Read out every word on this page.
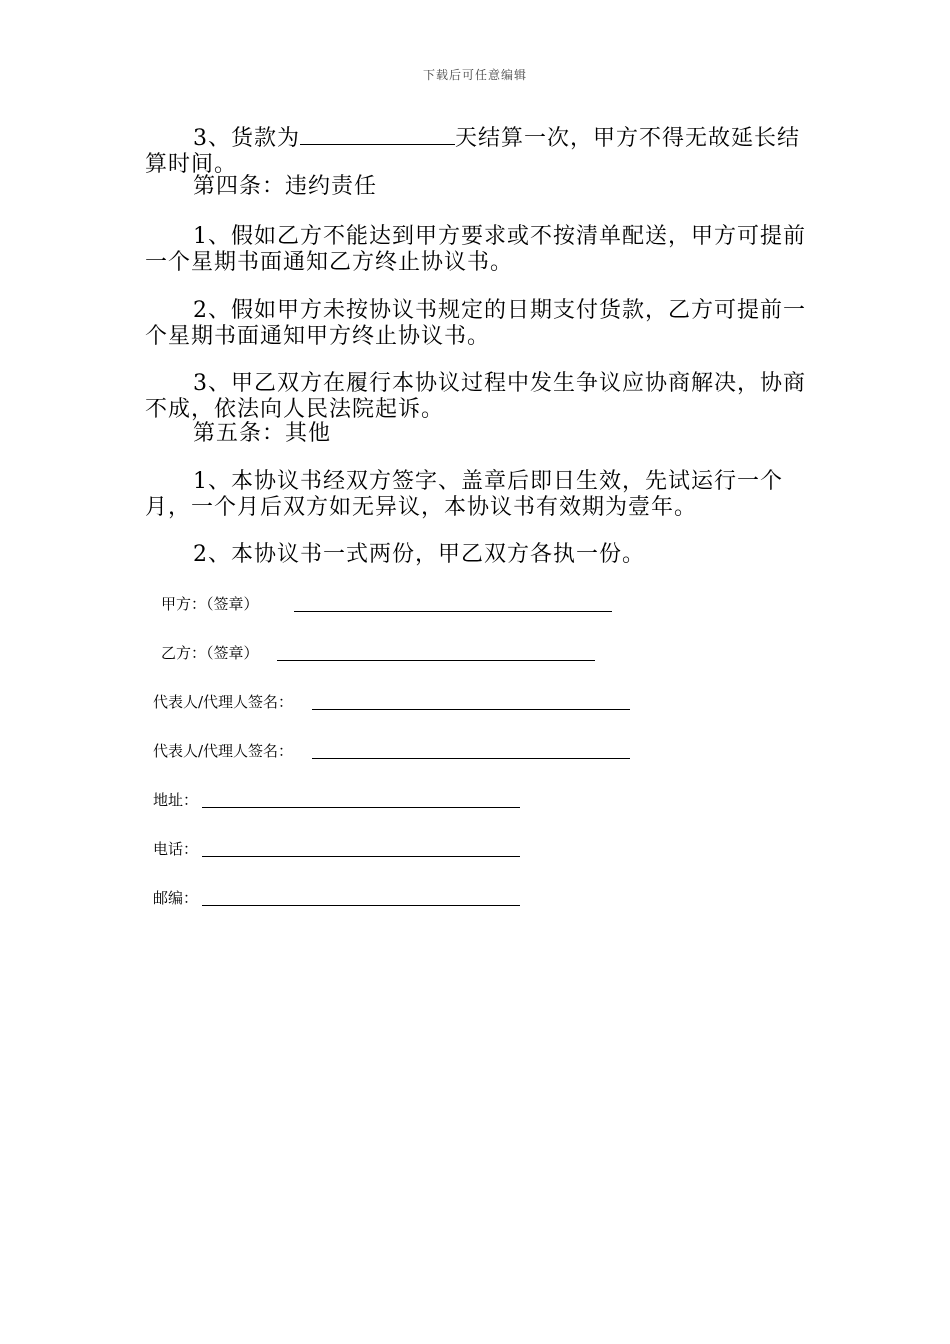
下载后可任意编辑

3、货款为	天结算一次，甲方不得无故延长结算时间。

第四条：违约责任

1、假如乙方不能达到甲方要求或不按清单配送，甲方可提前一个星期书面通知乙方终止协议书。

2、假如甲方未按协议书规定的日期支付货款，乙方可提前一个星期书面通知甲方终止协议书。

3、甲乙双方在履行本协议过程中发生争议应协商解决，协商不成，依法向人民法院起诉。

第五条：其他

1、本协议书经双方签字、盖章后即日生效，先试运行一个月，一个月后双方如无异议，本协议书有效期为壹年。

2、本协议书一式两份，甲乙双方各执一份。

甲方：（签章）
乙方：（签章）
代表人/代理人签名：
代表人/代理人签名：
地址：
电话：
邮编：
